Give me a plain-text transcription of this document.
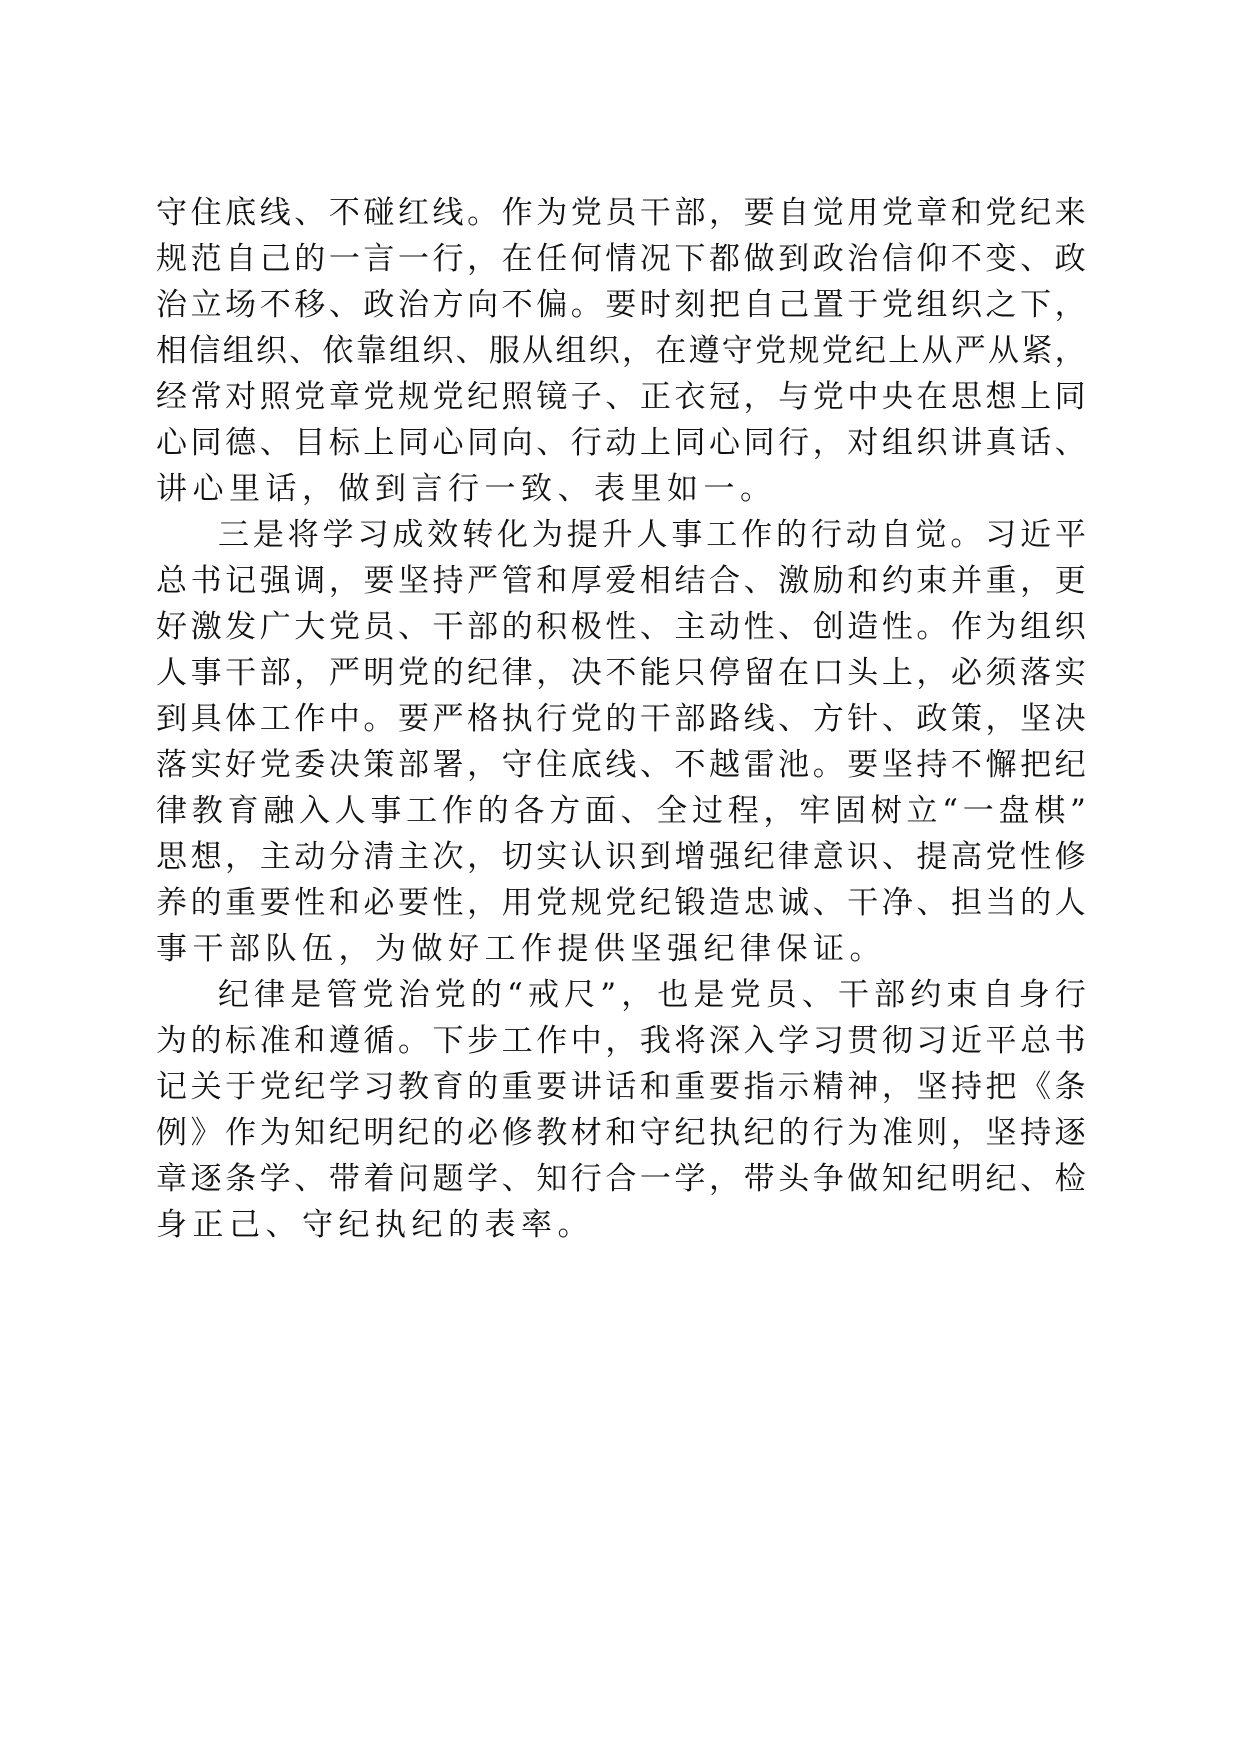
守 住 底 线 、 不 碰 红 线 。 作 为 党 员 干 部 ， 要 自 觉 用 党 章 和 党 纪 来
规 范 自 己 的 一 言 一 行 ， 在 任 何 情 况 下 都 做 到 政 治 信 仰 不 变 、 政
治 立 场 不 移 、 政 治 方 向 不 偏 。 要 时 刻 把 自 己 置 于 党 组 织 之 下 ，
相 信 组 织 、 依 靠 组 织 、 服 从 组 织 ， 在 遵 守 党 规 党 纪 上 从 严 从 紧 ，
经 常 对 照 党 章 党 规 党 纪 照 镜 子 、 正 衣 冠 ， 与 党 中 央 在 思 想 上 同
心 同 德 、 目 标 上 同 心 同 向 、 行 动 上 同 心 同 行 ， 对 组 织 讲 真 话 、
讲心里话，做到言行一致、表里如一。
三 是 将 学 习 成 效 转 化 为 提 升 人 事 工 作 的 行 动 自 觉 。 习 近 平
总 书 记 强 调 ， 要 坚 持 严 管 和 厚 爱 相 结 合 、 激 励 和 约 束 并 重 ， 更
好 激 发 广 大 党 员 、 干 部 的 积 极 性 、 主 动 性 、 创 造 性 。 作 为 组 织
人 事 干 部 ， 严 明 党 的 纪 律 ， 决 不 能 只 停 留 在 口 头 上 ， 必 须 落 实
到 具 体 工 作 中 。 要 严 格 执 行 党 的 干 部 路 线 、 方 针 、 政 策 ， 坚 决
落 实 好 党 委 决 策 部 署 ， 守 住 底 线 、 不 越 雷 池 。 要 坚 持 不 懈 把 纪
律 教 育 融 入 人 事 工 作 的 各 方 面 、 全 过 程 ， 牢 固 树 立 “ 一 盘 棋 ”
思 想 ， 主 动 分 清 主 次 ， 切 实 认 识 到 增 强 纪 律 意 识 、 提 高 党 性 修
养 的 重 要 性 和 必 要 性 ， 用 党 规 党 纪 锻 造 忠 诚 、 干 净 、 担 当 的 人
事干部队伍，为做好工作提供坚强纪律保证。
纪 律 是 管 党 治 党 的 “ 戒 尺 ” ， 也 是 党 员 、 干 部 约 束 自 身 行
为 的 标 准 和 遵 循 。 下 步 工 作 中 ， 我 将 深 入 学 习 贯 彻 习 近 平 总 书
记 关 于 党 纪 学 习 教 育 的 重 要 讲 话 和 重 要 指 示 精 神 ， 坚 持 把 《 条
例 》 作 为 知 纪 明 纪 的 必 修 教 材 和 守 纪 执 纪 的 行 为 准 则 ， 坚 持 逐
章 逐 条 学 、 带 着 问 题 学 、 知 行 合 一 学 ， 带 头 争 做 知 纪 明 纪 、 检
身正己、守纪执纪的表率。
